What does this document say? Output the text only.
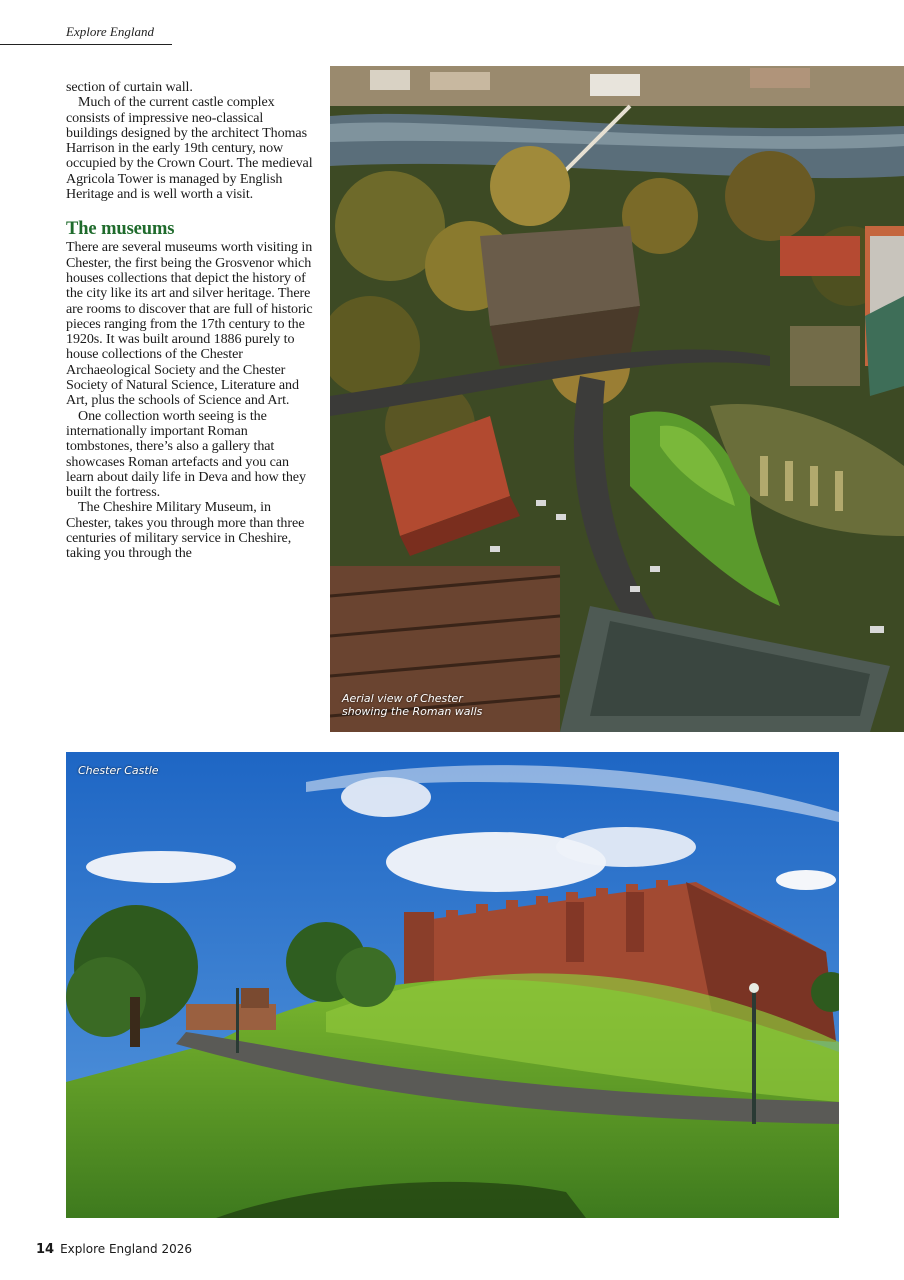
Explore England

section of curtain wall.

Much of the current castle complex consists of impressive neo-classical buildings designed by the architect Thomas Harrison in the early 19th century, now occupied by the Crown Court. The medieval Agricola Tower is managed by English Heritage and is well worth a visit.

The museums

There are several museums worth visiting in Chester, the first being the Grosvenor which houses collections that depict the history of the city like its art and silver heritage. There are rooms to discover that are full of historic pieces ranging from the 17th century to the 1920s. It was built around 1886 purely to house collections of the Chester Archaeological Society and the Chester Society of Natural Science, Literature and Art, plus the schools of Science and Art.

One collection worth seeing is the internationally important Roman tombstones, there’s also a gallery that showcases Roman artefacts and you can learn about daily life in Deva and how they built the fortress.

The Cheshire Military Museum, in Chester, takes you through more than three centuries of military service in Cheshire, taking you through the

Aerial view of Chester
showing the Roman walls
Chester Castle
14 Explore England 2026
